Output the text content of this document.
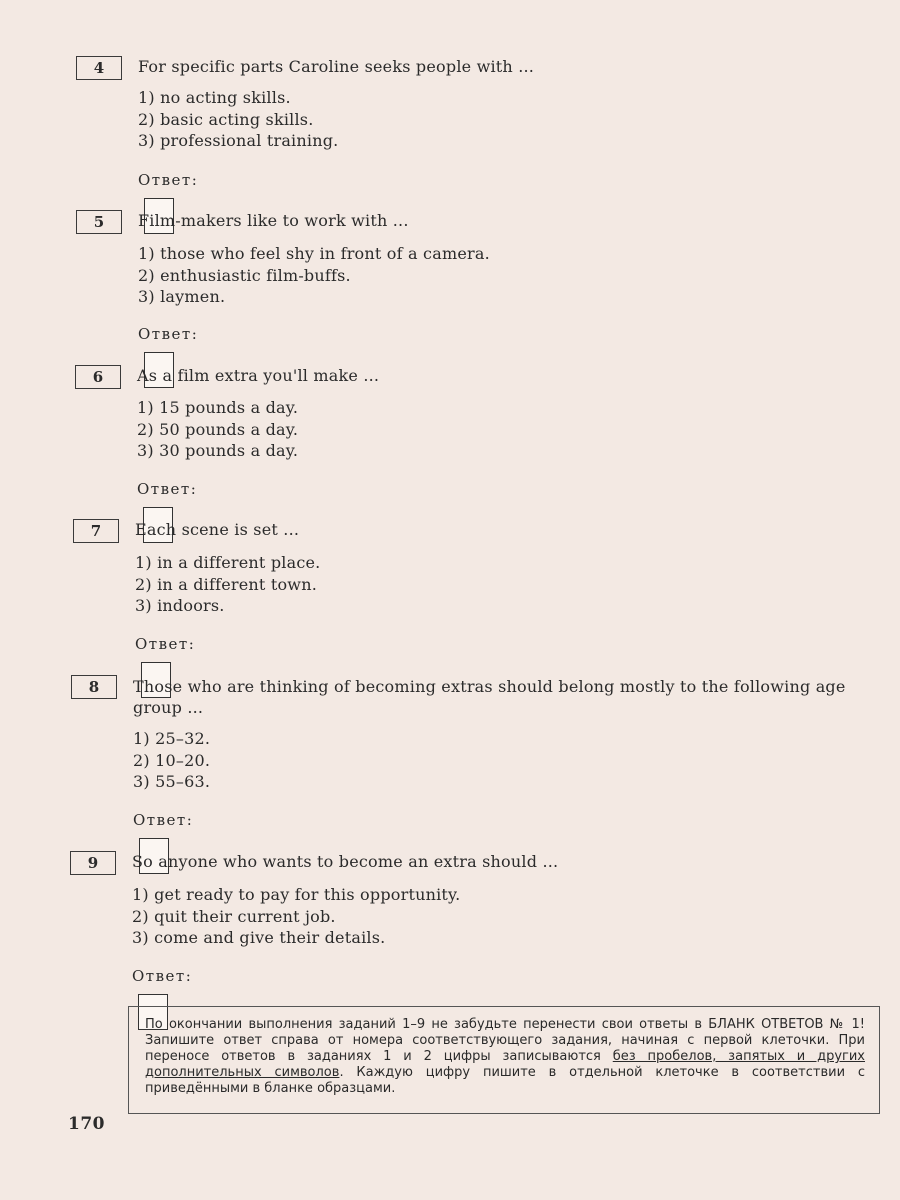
4	For specific parts Caroline seeks people with ...
1) no acting skills.
2) basic acting skills.
3) professional training.
Ответ:
5	Film-makers like to work with ...
1) those who feel shy in front of a camera.
2) enthusiastic film-buffs.
3) laymen.
Ответ:
6	As a film extra you'll make ...
1) 15 pounds a day.
2) 50 pounds a day.
3) 30 pounds a day.
Ответ:
7	Each scene is set ...
1) in a different place.
2) in a different town.
3) indoors.
Ответ:
8	Those who are thinking of becoming extras should belong mostly to the following age group ...
1) 25–32.
2) 10–20.
3) 55–63.
Ответ:
9	So anyone who wants to become an extra should ...
1) get ready to pay for this opportunity.
2) quit their current job.
3) come and give their details.
Ответ:
По окончании выполнения заданий 1–9 не забудьте перенести свои ответы в БЛАНК ОТВЕТОВ № 1! Запишите ответ справа от номера соответствующего задания, начиная с первой клеточки. При переносе ответов в заданиях 1 и 2 цифры записываются без пробелов, запятых и других дополнительных символов. Каждую цифру пишите в отдельной клеточке в соответствии с приведёнными в бланке образцами.
170
